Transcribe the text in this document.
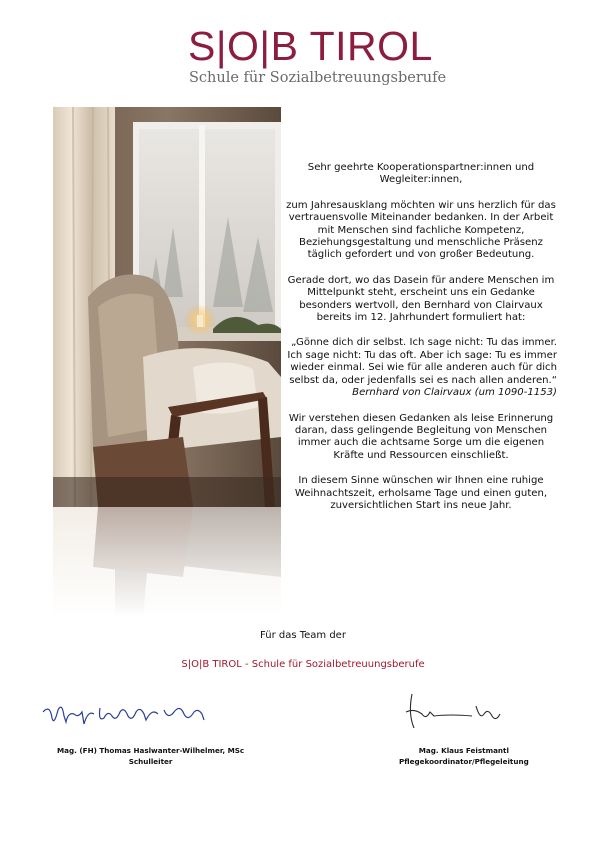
S|O|B TIROL
Schule für Sozialbetreuungsberufe

Sehr geehrte Kooperationspartner:innen und Wegleiter:innen,

zum Jahresausklang möchten wir uns herzlich für das vertrauensvolle Miteinander bedanken. In der Arbeit mit Menschen sind fachliche Kompetenz, Beziehungsgestaltung und menschliche Präsenz täglich gefordert und von großer Bedeutung.

Gerade dort, wo das Dasein für andere Menschen im Mittelpunkt steht, erscheint uns ein Gedanke besonders wertvoll, den Bernhard von Clairvaux bereits im 12. Jahrhundert formuliert hat:

„Gönne dich dir selbst. Ich sage nicht: Tu das immer. Ich sage nicht: Tu das oft. Aber ich sage: Tu es immer wieder einmal. Sei wie für alle anderen auch für dich selbst da, oder jedenfalls sei es nach allen anderen.“
Bernhard von Clairvaux (um 1090-1153)

Wir verstehen diesen Gedanken als leise Erinnerung daran, dass gelingende Begleitung von Menschen immer auch die achtsame Sorge um die eigenen Kräfte und Ressourcen einschließt.

In diesem Sinne wünschen wir Ihnen eine ruhige Weihnachtszeit, erholsame Tage und einen guten, zuversichtlichen Start ins neue Jahr.

Für das Team der
S|O|B TIROL - Schule für Sozialbetreuungsberufe
Mag. (FH) Thomas Haslwanter-Wilhelmer, MSc
Schulleiter
Mag. Klaus Feistmantl
Pflegekoordinator/Pflegeleitung
